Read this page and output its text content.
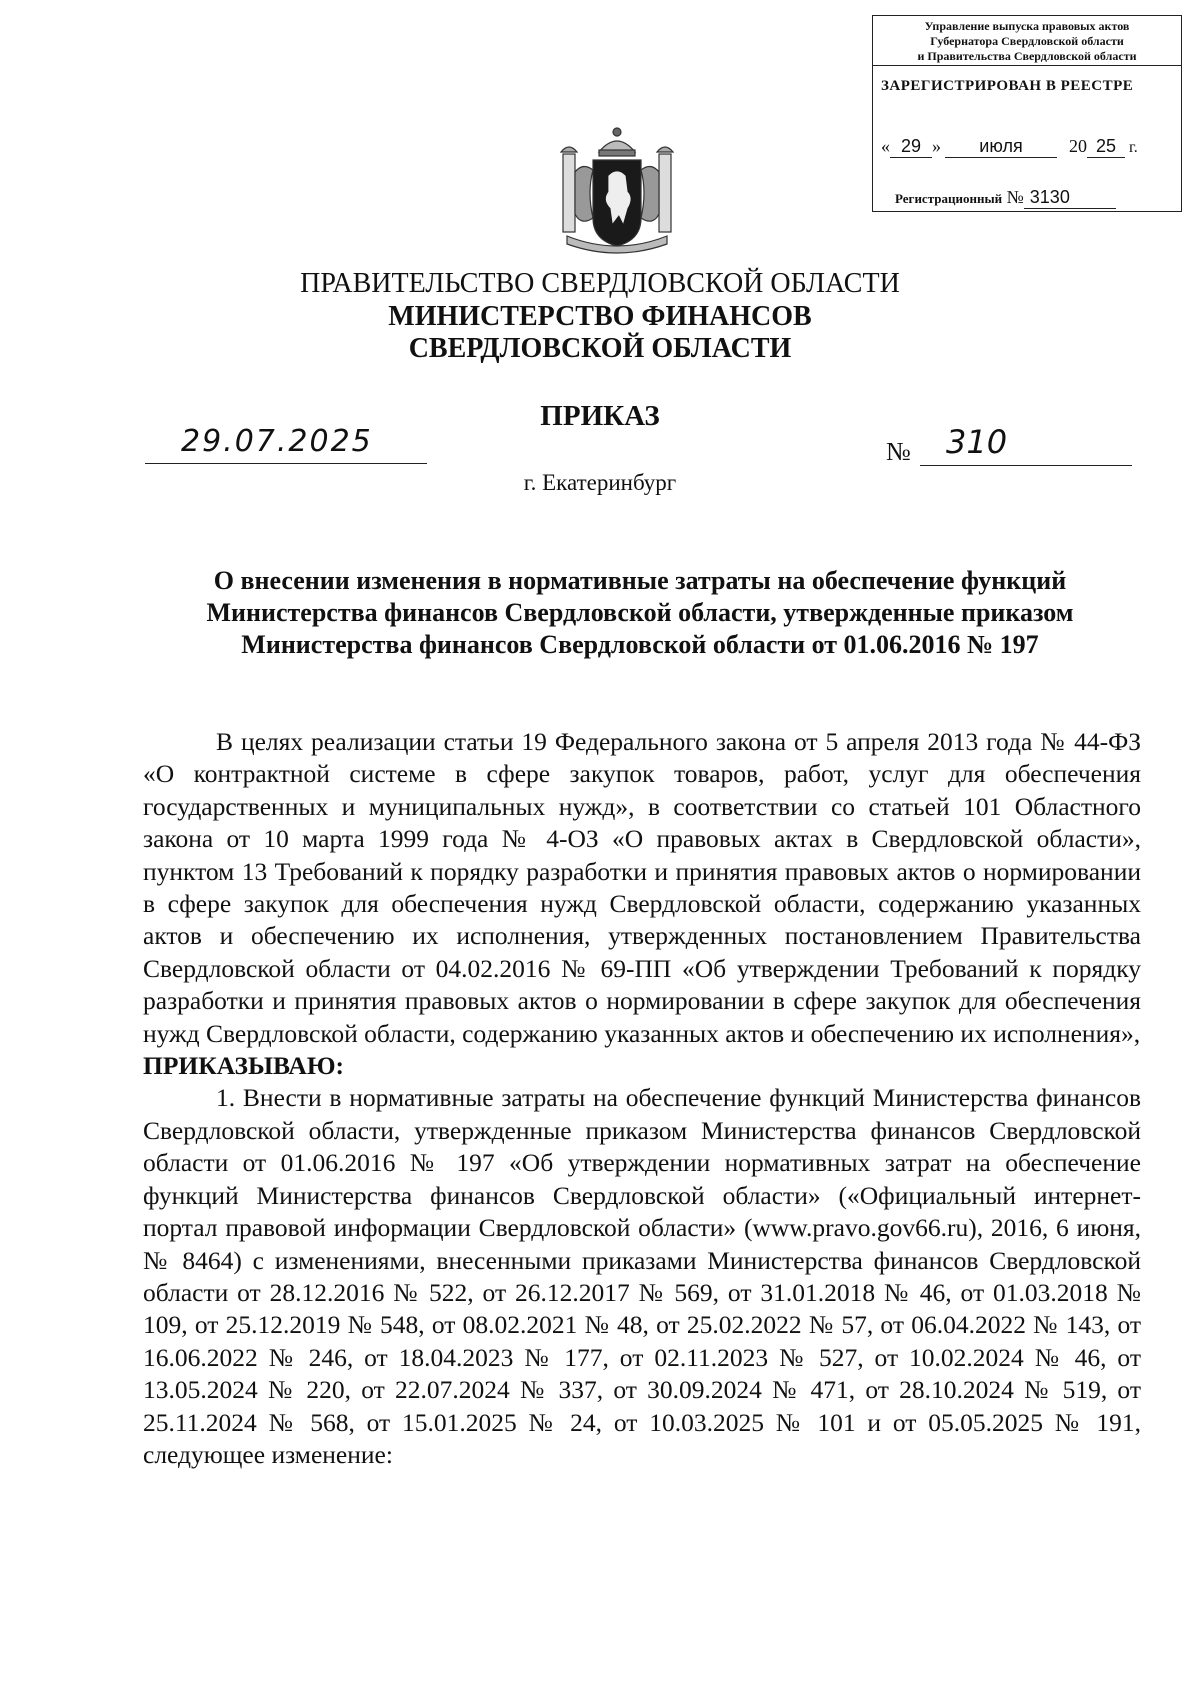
Управление выпуска правовых актов
Губернатора Свердловской области
и Правительства Свердловской области
ЗАРЕГИСТРИРОВАН В РЕЕСТРЕ
« 29 » июля	20 25 г.
Регистрационный № 3130
ПРАВИТЕЛЬСТВО СВЕРДЛОВСКОЙ ОБЛАСТИ
МИНИСТЕРСТВО ФИНАНСОВ
СВЕРДЛОВСКОЙ ОБЛАСТИ
ПРИКАЗ
29.07.2025	№	310
г. Екатеринбург
О внесении изменения в нормативные затраты на обеспечение функций Министерства финансов Свердловской области, утвержденные приказом Министерства финансов Свердловской области от 01.06.2016 № 197

В целях реализации статьи 19 Федерального закона от 5 апреля 2013 года № 44-ФЗ «О контрактной системе в сфере закупок товаров, работ, услуг для обеспечения государственных и муниципальных нужд», в соответствии со статьей 101 Областного закона от 10 марта 1999 года № 4-ОЗ «О правовых актах в Свердловской области», пунктом 13 Требований к порядку разработки и принятия правовых актов о нормировании в сфере закупок для обеспечения нужд Свердловской области, содержанию указанных актов и обеспечению их исполнения, утвержденных постановлением Правительства Свердловской области от 04.02.2016 № 69-ПП «Об утверждении Требований к порядку разработки и принятия правовых актов о нормировании в сфере закупок для обеспечения нужд Свердловской области, содержанию указанных актов и обеспечению их исполнения»,

ПРИКАЗЫВАЮ:

1. Внести в нормативные затраты на обеспечение функций Министерства финансов Свердловской области, утвержденные приказом Министерства финансов Свердловской области от 01.06.2016 № 197 «Об утверждении нормативных затрат на обеспечение функций Министерства финансов Свердловской области» («Официальный интернет-портал правовой информации Свердловской области» (www.pravo.gov66.ru), 2016, 6 июня, № 8464) с изменениями, внесенными приказами Министерства финансов Свердловской области от 28.12.2016 № 522, от 26.12.2017 № 569, от 31.01.2018 № 46, от 01.03.2018 № 109, от 25.12.2019 № 548, от 08.02.2021 № 48, от 25.02.2022 № 57, от 06.04.2022 № 143, от 16.06.2022 № 246, от 18.04.2023 № 177, от 02.11.2023 № 527, от 10.02.2024 № 46, от 13.05.2024 № 220, от 22.07.2024 № 337, от 30.09.2024 № 471, от 28.10.2024 № 519, от 25.11.2024 № 568, от 15.01.2025 № 24, от 10.03.2025 № 101 и от 05.05.2025 № 191, следующее изменение:
